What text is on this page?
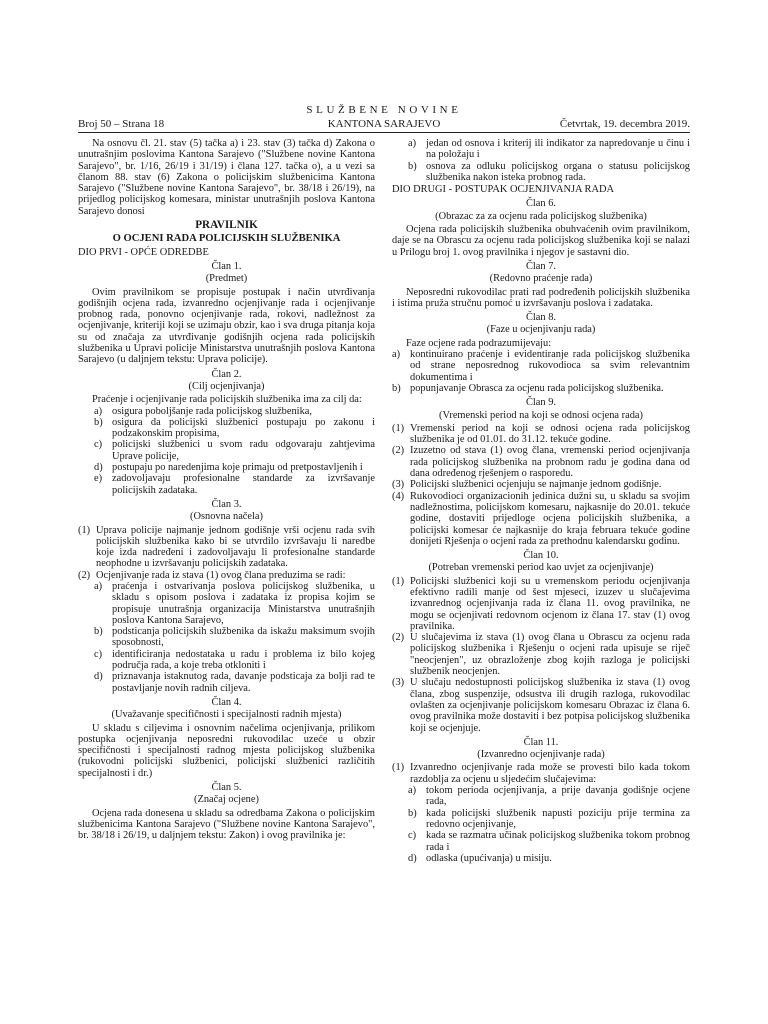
SLUŽBENE NOVINE
Broj 50 – Strana 18	KANTONA SARAJEVO	Četvrtak, 19. decembra 2019.

Na osnovu čl. 21. stav (5) tačka a) i 23. stav (3) tačka d) Zakona o unutrašnjim poslovima Kantona Sarajevo ("Službene novine Kantona Sarajevo", br. 1/16, 26/19 i 31/19) i člana 127. tačka o), a u vezi sa članom 88. stav (6) Zakona o policijskim službenicima Kantona Sarajevo ("Službene novine Kantona Sarajevo", br. 38/18 i 26/19), na prijedlog policijskog komesara, ministar unutrašnjih poslova Kantona Sarajevo donosi

PRAVILNIK
O OCJENI RADA POLICIJSKIH SLUŽBENIKA
DIO PRVI - OPĆE ODREDBE
Član 1.
(Predmet)

Ovim pravilnikom se propisuje postupak i način utvrđivanja godišnjih ocjena rada, izvanredno ocjenjivanje rada i ocjenjivanje probnog rada, ponovno ocjenjivanje rada, rokovi, nadležnost za ocjenjivanje, kriteriji koji se uzimaju obzir, kao i sva druga pitanja koja su od značaja za utvrđivanje godišnjih ocjena rada policijskih službenika u Upravi policije Ministarstva unutrašnjih poslova Kantona Sarajevo (u daljnjem tekstu: Uprava policije).

Član 2.
(Cilj ocjenjivanja)

Praćenje i ocjenjivanje rada policijskih službenika ima za cilj da:

a) osigura poboljšanje rada policijskog službenika,
b) osigura da policijski službenici postupaju po zakonu i podzakonskim propisima,
c) policijski službenici u svom radu odgovaraju zahtjevima Uprave policije,
d) postupaju po naredenjima koje primaju od pretpostavljenih i
e) zadovoljavaju profesionalne standarde za izvršavanje policijskih zadataka.
Član 3.
(Osnovna načela)
(1) Uprava policije najmanje jednom godišnje vrši ocjenu rada svih policijskih službenika kako bi se utvrdilo izvršavaju li naredbe koje izda nadređeni i zadovoljavaju li profesionalne standarde neophodne u izvršavanju policijskih zadataka.
(2) Ocjenjivanje rada iz stava (1) ovog člana preduzima se radi:
a) praćenja i ostvarivanja poslova policijskog službenika, u skladu s opisom poslova i zadataka iz propisa kojim se propisuje unutrašnja organizacija Ministarstva unutrašnjih poslova Kantona Sarajevo,
b) podsticanja policijskih službenika da iskažu maksimum svojih sposobnosti,
c) identificiranja nedostataka u radu i problema iz bilo kojeg područja rada, a koje treba otkloniti i
d) priznavanja istaknutog rada, davanje podsticaja za bolji rad te postavljanje novih radnih ciljeva.
Član 4.
(Uvažavanje specifičnosti i specijalnosti radnih mjesta)

U skladu s ciljevima i osnovnim načelima ocjenjivanja, prilikom postupka ocjenjivanja neposredni rukovodilac uzeće u obzir specifičnosti i specijalnosti radnog mjesta policijskog službenika (rukovodni policijski službenici, policijski službenici različitih specijalnosti i dr.)

Član 5.
(Značaj ocjene)

Ocjena rada donesena u skladu sa odredbama Zakona o policijskim službenicima Kantona Sarajevo ("Službene novine Kantona Sarajevo", br. 38/18 i 26/19, u daljnjem tekstu: Zakon) i ovog pravilnika je:

a) jedan od osnova i kriterij ili indikator za napredovanje u činu i na položaju i
b) osnova za odluku policijskog organa o statusu policijskog službenika nakon isteka probnog rada.
DIO DRUGI - POSTUPAK OCJENJIVANJA RADA
Član 6.
(Obrazac za za ocjenu rada policijskog službenika)

Ocjena rada policijskih službenika obuhvaćenih ovim pravilnikom, daje se na Obrascu za ocjenu rada policijskog službenika koji se nalazi u Prilogu broj 1. ovog pravilnika i njegov je sastavni dio.

Član 7.
(Redovno praćenje rada)

Neposredni rukovodilac prati rad podređenih policijskih službenika i istima pruža stručnu pomoć u izvršavanju poslova i zadataka.

Član 8.
(Faze u ocjenjivanju rada)

Faze ocjene rada podrazumijevaju:

a) kontinuirano praćenje i evidentiranje rada policijskog službenika od strane neposrednog rukovodioca sa svim relevantnim dokumentima i
b) popunjavanje Obrasca za ocjenu rada policijskog službenika.
Član 9.
(Vremenski period na koji se odnosi ocjena rada)
(1) Vremenski period na koji se odnosi ocjena rada policijskog službenika je od 01.01. do 31.12. tekuće godine.
(2) Izuzetno od stava (1) ovog člana, vremenski period ocjenjivanja rada policijskog službenika na probnom radu je godina dana od dana određenog rješenjem o rasporedu.
(3) Policijski službenici ocjenjuju se najmanje jednom godišnje.
(4) Rukovodioci organizacionih jedinica dužni su, u skladu sa svojim nadležnostima, policijskom komesaru, najkasnije do 20.01. tekuće godine, dostaviti prijedloge ocjena policijskih službenika, a policijski komesar će najkasnije do kraja februara tekuće godine donijeti Rješenja o ocjeni rada za prethodnu kalendarsku godinu.
Član 10.
(Potreban vremenski period kao uvjet za ocjenjivanje)
(1) Policijski službenici koji su u vremenskom periodu ocjenjivanja efektivno radili manje od šest mjeseci, izuzev u slučajevima izvanrednog ocjenjivanja rada iz člana 11. ovog pravilnika, ne mogu se ocjenjivati redovnom ocjenom iz člana 17. stav (1) ovog pravilnika.
(2) U slučajevima iz stava (1) ovog člana u Obrascu za ocjenu rada policijskog službenika i Rješenju o ocjeni rada upisuje se riječ "neocjenjen", uz obrazloženje zbog kojih razloga je policijski službenik neocjenjen.
(3) U slučaju nedostupnosti policijskog službenika iz stava (1) ovog člana, zbog suspenzije, odsustva ili drugih razloga, rukovodilac ovlašten za ocjenjivanje policijskom komesaru Obrazac iz člana 6. ovog pravilnika može dostaviti i bez potpisa policijskog službenika koji se ocjenjuje.
Član 11.
(Izvanredno ocjenjivanje rada)
(1) Izvanredno ocjenjivanje rada može se provesti bilo kada tokom razdoblja za ocjenu u sljedećim slučajevima:
a) tokom perioda ocjenjivanja, a prije davanja godišnje ocjene rada,
b) kada policijski službenik napusti poziciju prije termina za redovno ocjenjivanje,
c) kada se razmatra učinak policijskog službenika tokom probnog rada i
d) odlaska (upućivanja) u misiju.
